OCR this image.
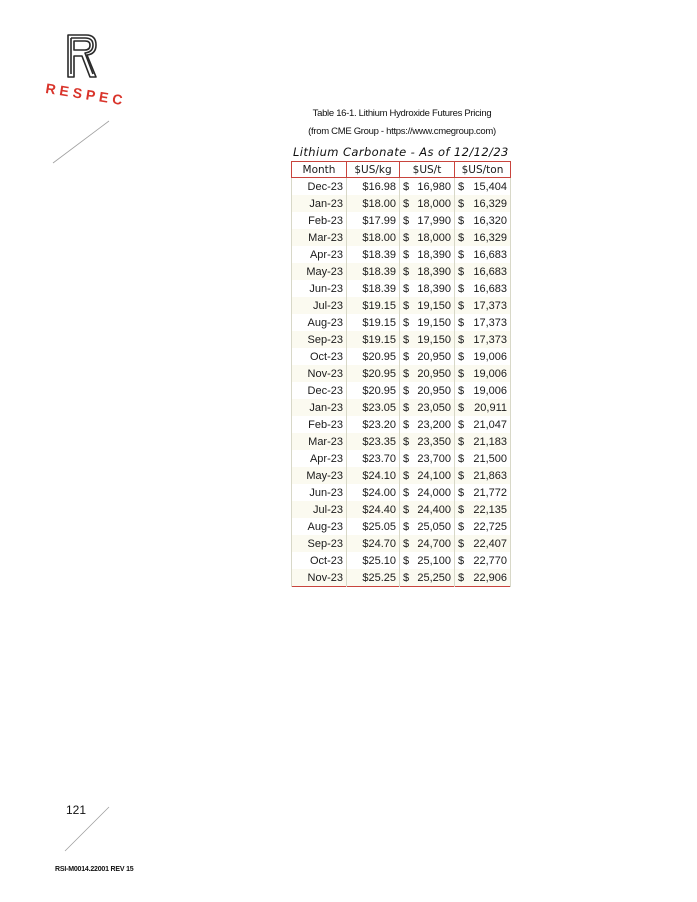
RESPEC
Table 16-1. Lithium Hydroxide Futures Pricing
(from CME Group - https://www.cmegroup.com)
Lithium Carbonate - As of 12/12/23
Month	$US/kg	$US/t	$US/ton
Dec-23	$16.98	$ 16,980	$ 15,404

Jan-23	$18.00	$ 18,000	$ 16,329

Feb-23	$17.99	$ 17,990	$ 16,320

Mar-23	$18.00	$ 18,000	$ 16,329

Apr-23	$18.39	$ 18,390	$ 16,683

May-23	$18.39	$ 18,390	$ 16,683

Jun-23	$18.39	$ 18,390	$ 16,683

Jul-23	$19.15	$ 19,150	$ 17,373

Aug-23	$19.15	$ 19,150	$ 17,373

Sep-23	$19.15	$ 19,150	$ 17,373

Oct-23	$20.95	$ 20,950	$ 19,006

Nov-23	$20.95	$ 20,950	$ 19,006

Dec-23	$20.95	$ 20,950	$ 19,006

Jan-23	$23.05	$ 23,050	$ 20,911

Feb-23	$23.20	$ 23,200	$ 21,047

Mar-23	$23.35	$ 23,350	$ 21,183

Apr-23	$23.70	$ 23,700	$ 21,500

May-23	$24.10	$ 24,100	$ 21,863

Jun-23	$24.00	$ 24,000	$ 21,772

Jul-23	$24.40	$ 24,400	$ 22,135

Aug-23	$25.05	$ 25,050	$ 22,725

Sep-23	$24.70	$ 24,700	$ 22,407

Oct-23	$25.10	$ 25,100	$ 22,770

Nov-23	$25.25	$ 25,250	$ 22,906
121
RSI-M0014.22001 REV 15
